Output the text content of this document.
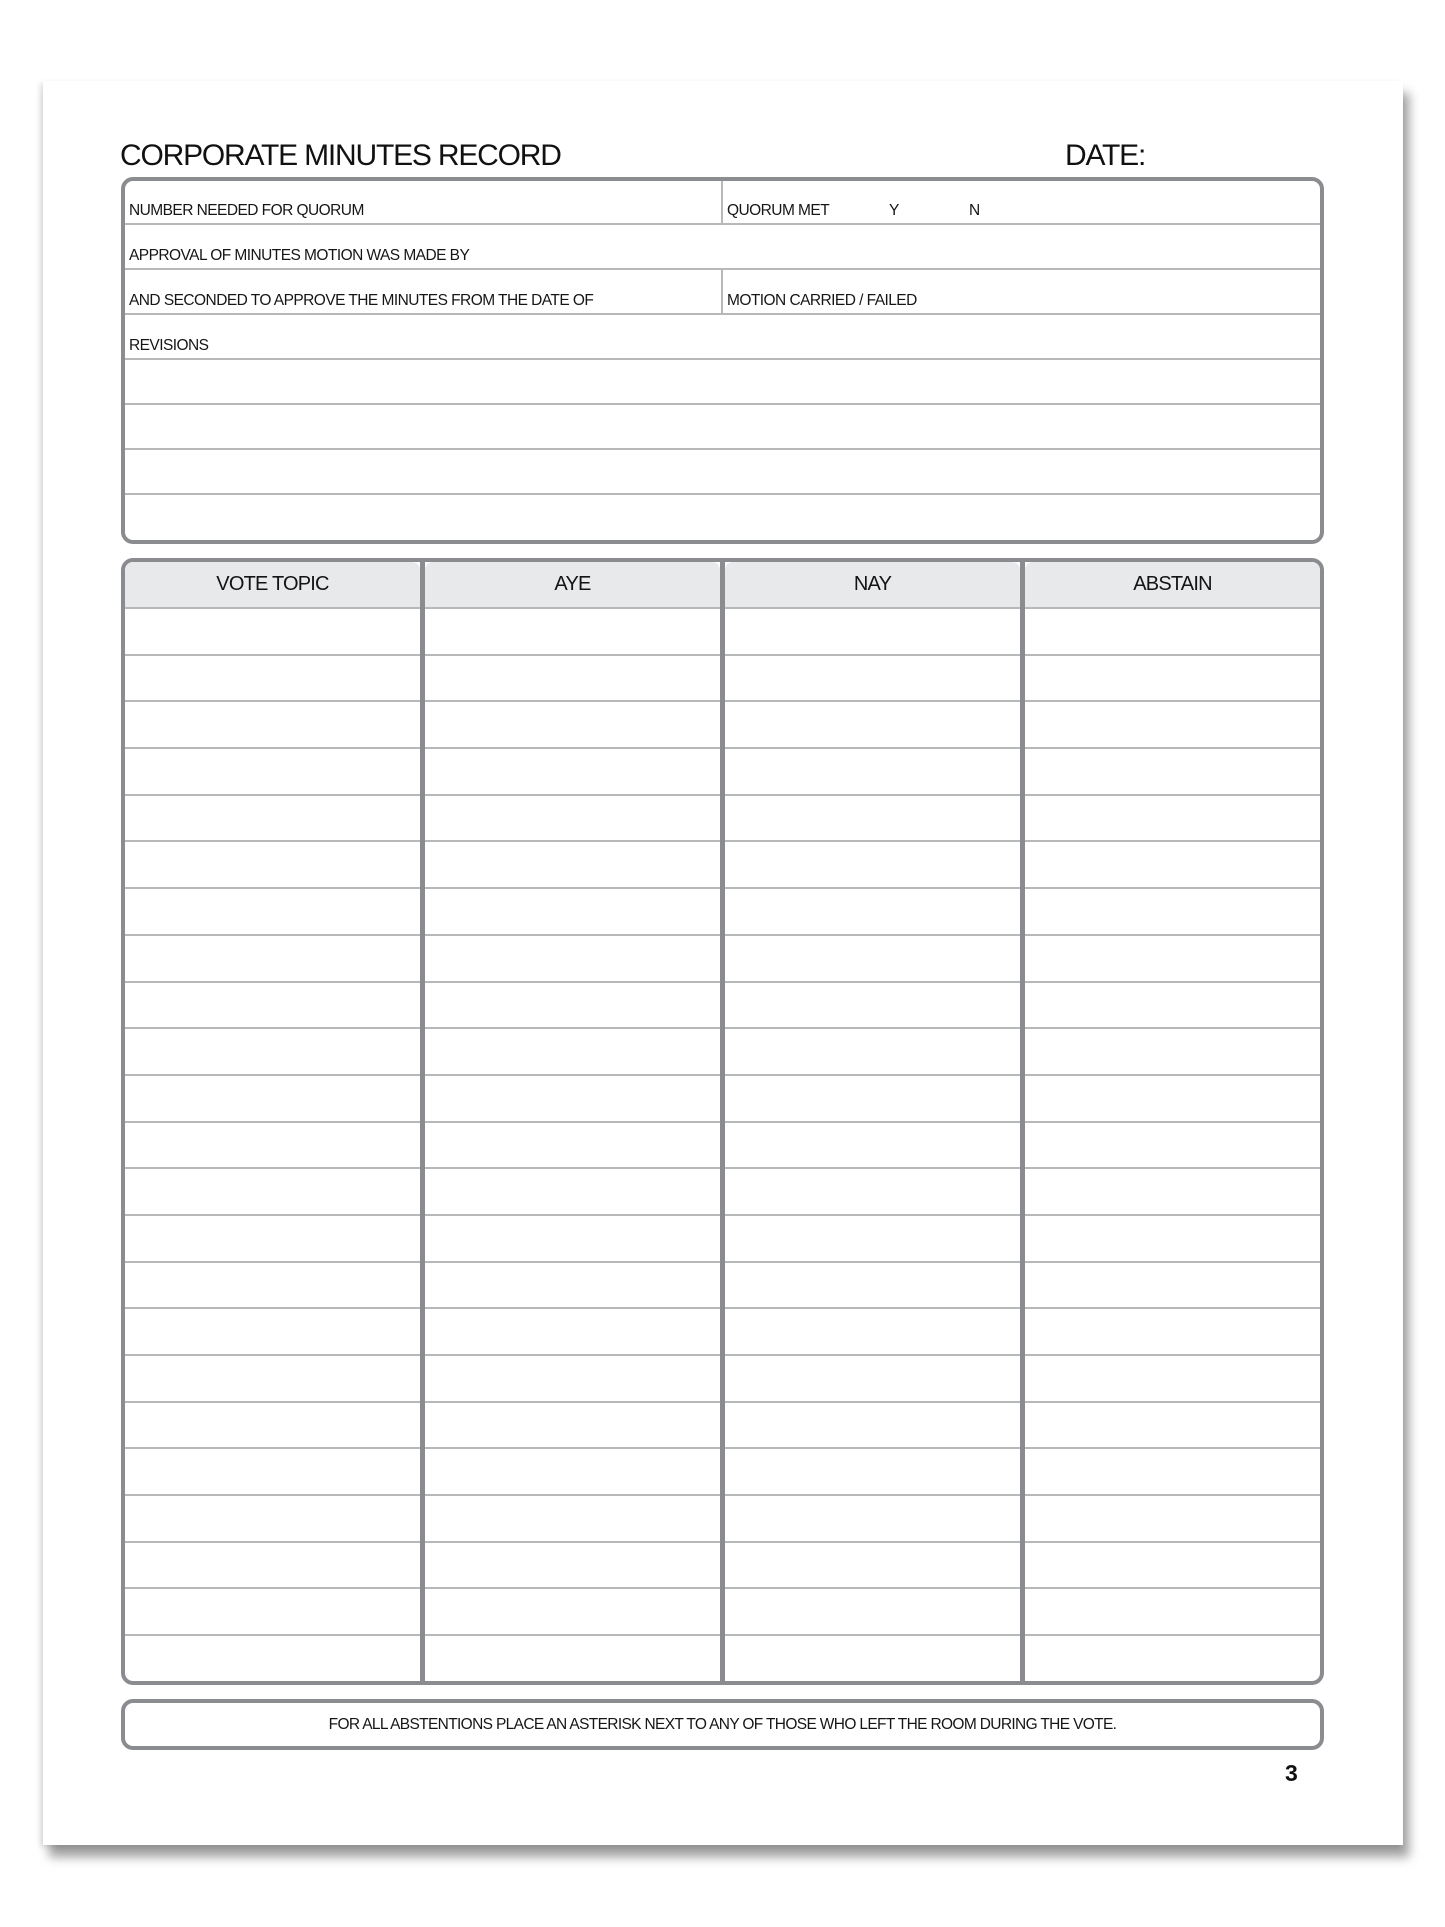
CORPORATE MINUTES RECORD	DATE:
NUMBER NEEDED FOR QUORUM	QUORUM MET	Y	N
APPROVAL OF MINUTES MOTION WAS MADE BY
AND SECONDED TO APPROVE THE MINUTES FROM THE DATE OF	MOTION CARRIED / FAILED
REVISIONS
VOTE TOPIC	AYE	NAY	ABSTAIN
FOR ALL ABSTENTIONS PLACE AN ASTERISK NEXT TO ANY OF THOSE WHO LEFT THE ROOM DURING THE VOTE.
3
